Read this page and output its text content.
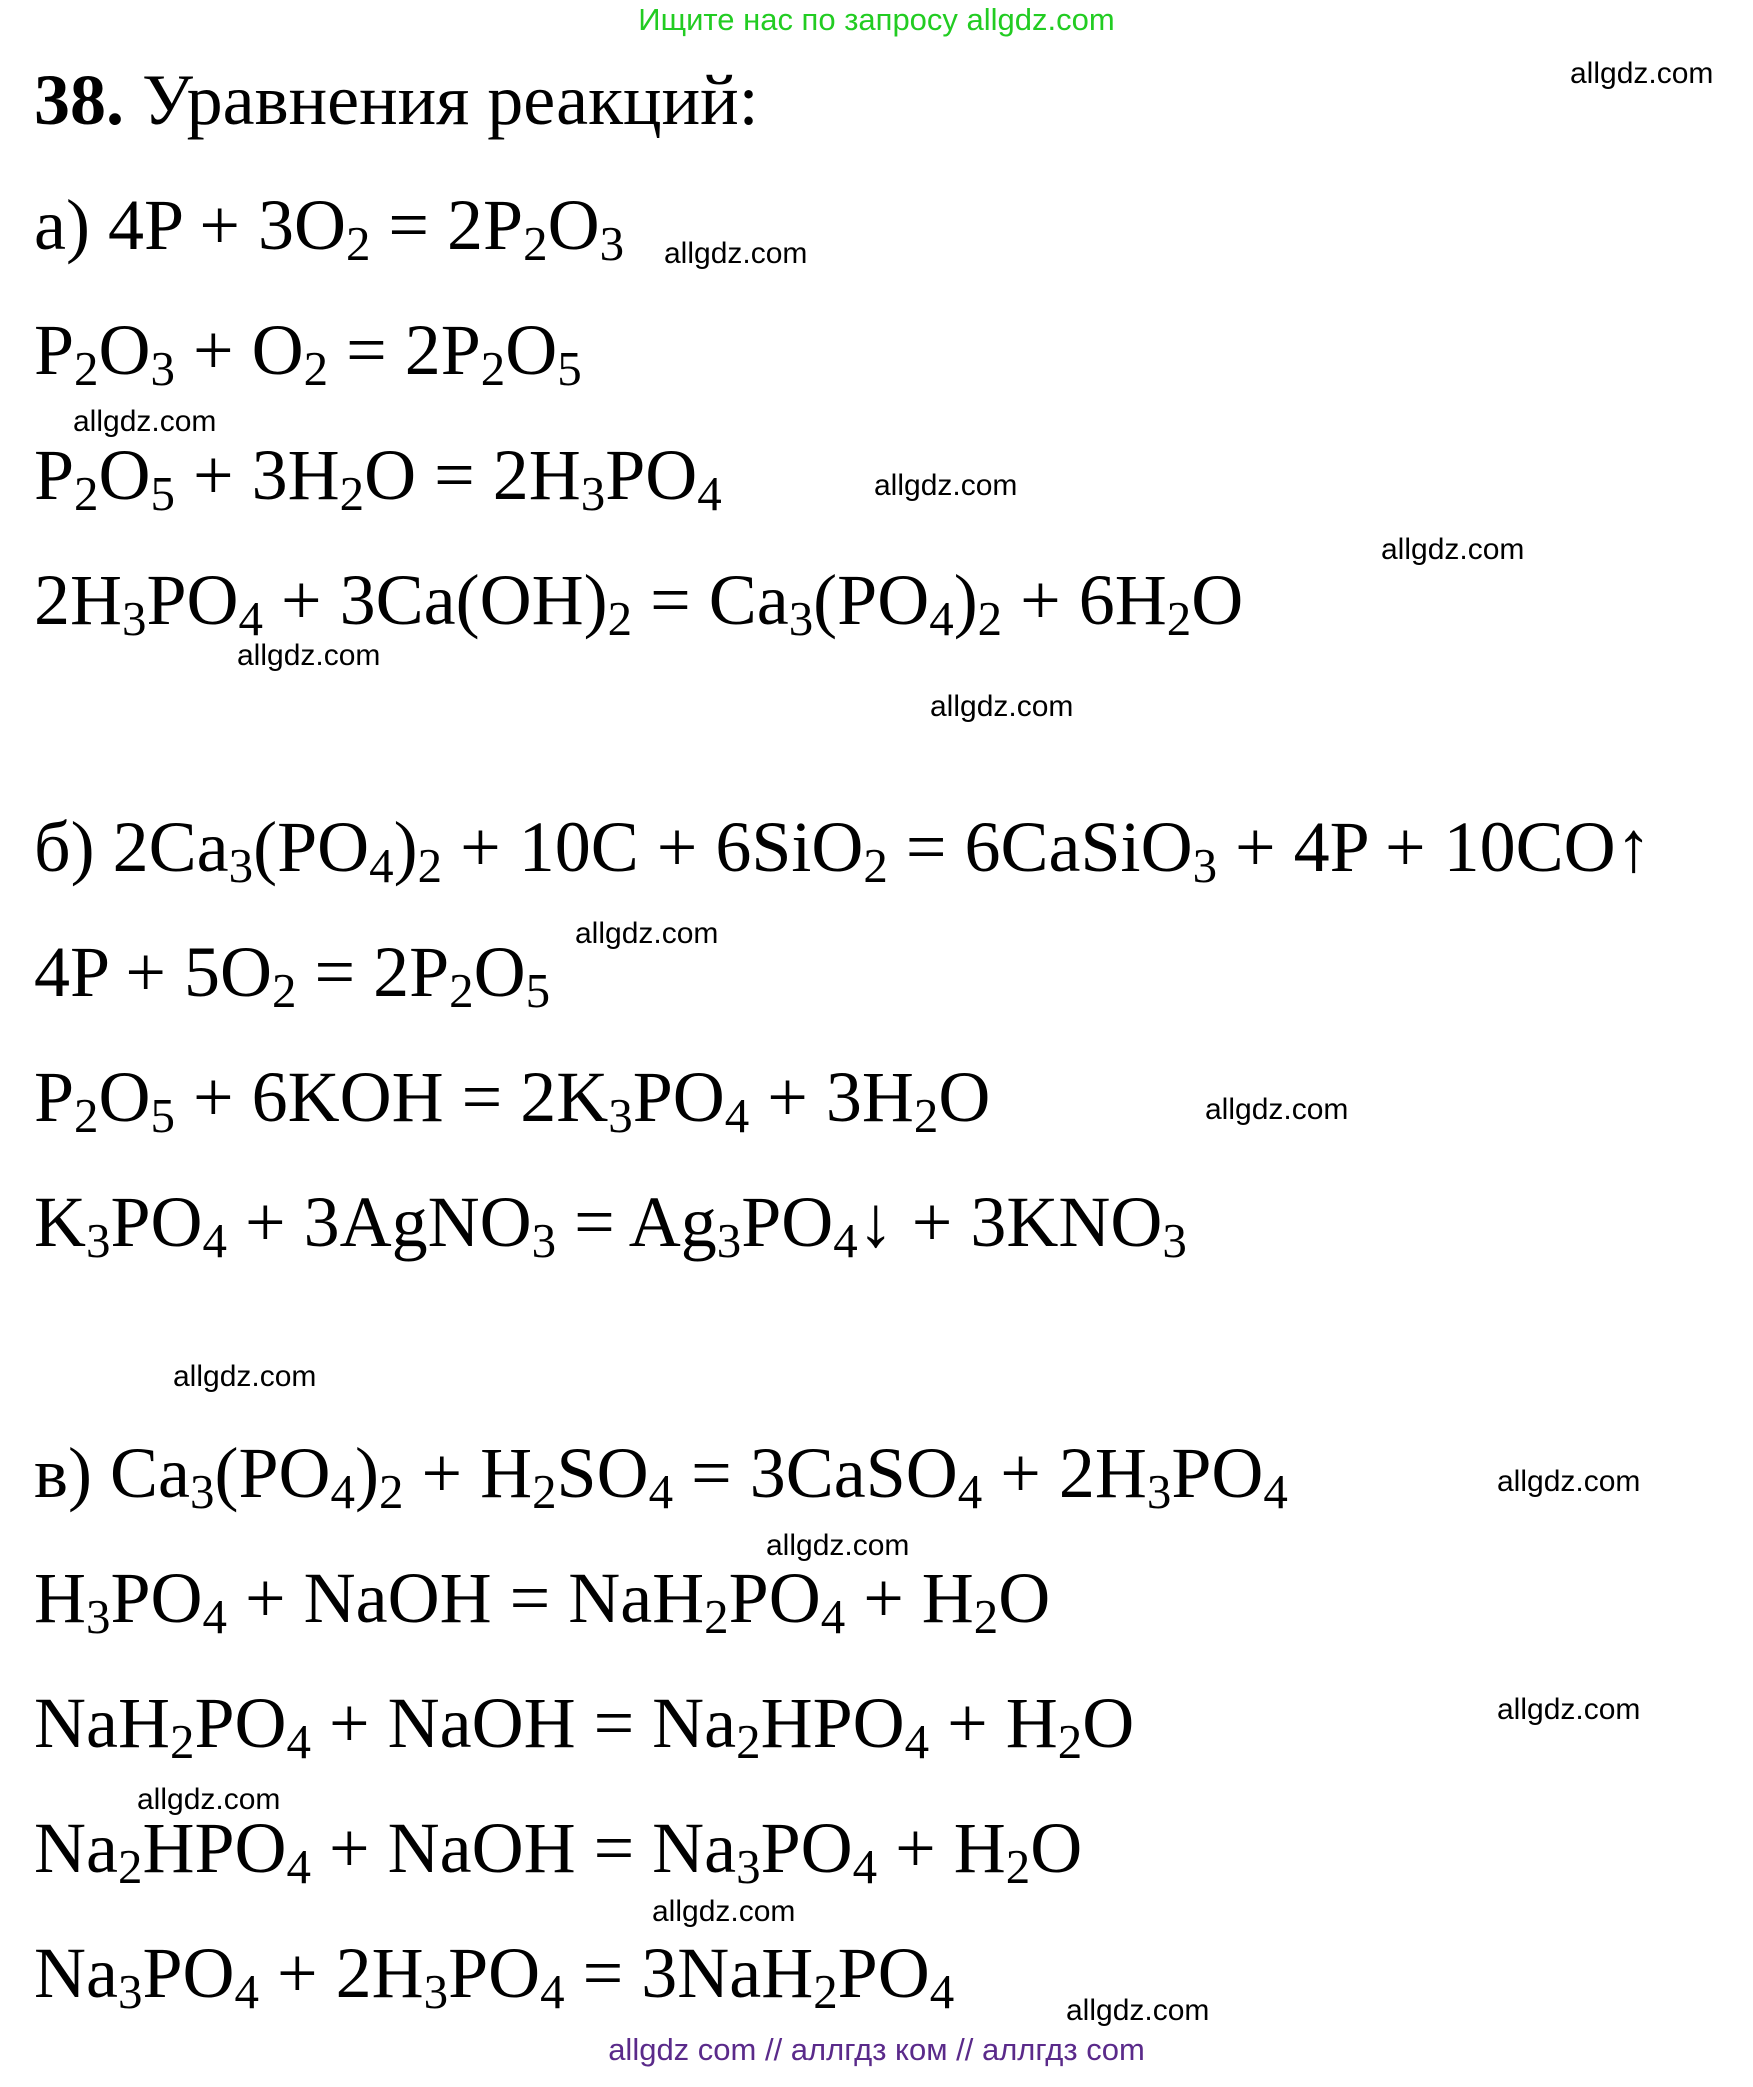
Ищите нас по запросу allgdz.com
38. Уравнения реакций:
а) $4P + 3O_2 = 2P_2O_3$
$P_2O_3 + O_2 = 2P_2O_5$
$P_2O_5 + 3H_2O = 2H_3PO_4$
$2H_3PO_4 + 3Ca(OH)_2 = Ca_3(PO_4)_2 + 6H_2O$
б) $2Ca_3(PO_4)_2 + 10C + 6SiO_2$ = 6CaSiO$_3$ + 4P + 10CO↑
$4P + 5O_2 = 2P_2O_5$
$P_2O_5 + 6KOH = 2K_3PO_4 + 3H_2O$
$K_3PO_4$ + 3AgNO$_3$ = $Ag_3PO_4↓ + 3KNO_3$
в) $Ca_3(PO_4)_2 + H_2SO_4$ = 3CaSO$_4$ + $2H_3PO_4$
$H_3PO_4$ + NaOH = $NaH_2PO_4 + H_2O$
$NaH_2PO_4$ + NaOH = $Na_2HPO_4 + H_2O$
$Na_2HPO_4$ + NaOH = $Na_3PO_4 + H_2O$
$Na_3PO_4 + 2H_3PO_4 = 3NaH_2PO_4$
allgdz.com
allgdz.com
allgdz.com
allgdz.com
allgdz.com
allgdz.com
allgdz.com
allgdz.com
allgdz.com
allgdz.com
allgdz.com
allgdz.com
allgdz.com
allgdz.com
allgdz.com
allgdz.com
allgdz com // аллгдз ком // аллгдз com
